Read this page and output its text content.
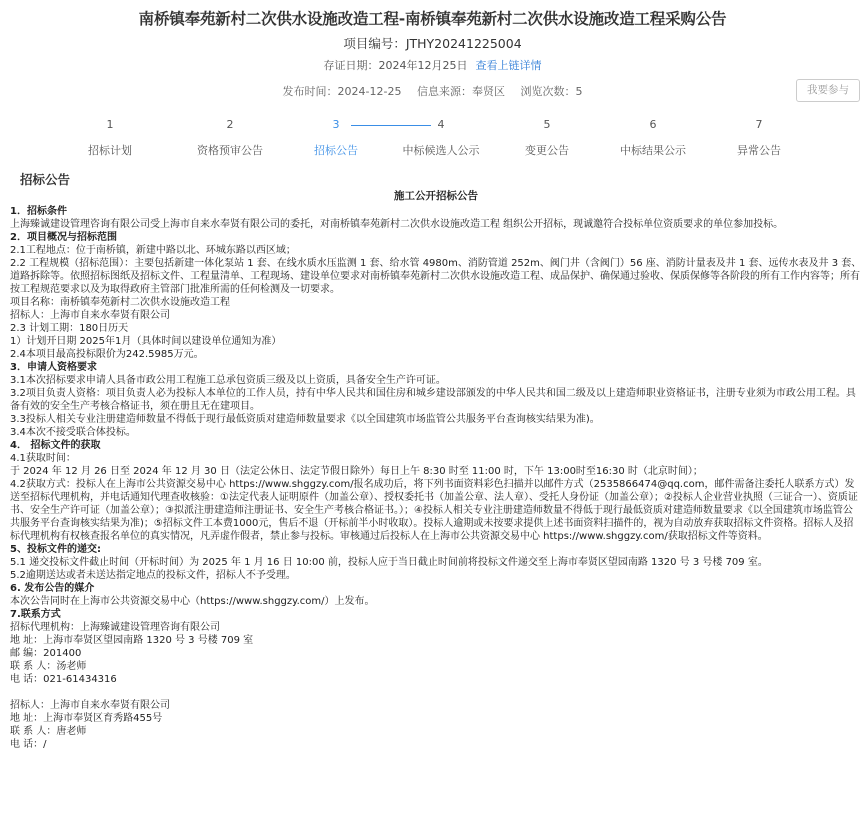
南桥镇奉苑新村二次供水设施改造工程-南桥镇奉苑新村二次供水设施改造工程采购公告
项目编号：JTHY20241225004
存证日期：2024年12月25日 查看上链详情
发布时间：2024-12-25 信息来源：奉贤区 浏览次数：5	我要参与
1
招标计划
2
资格预审公告
3
招标公告
4
中标候选人公示
5
变更公告
6
中标结果公示
7
异常公告
招标公告
施工公开招标公告

1．招标条件

上海臻诚建设管理咨询有限公司受上海市自来水奉贤有限公司的委托，对南桥镇奉苑新村二次供水设施改造工程 组织公开招标，现诚邀符合投标单位资质要求的单位参加投标。

2．项目概况与招标范围

2.1工程地点：位于南桥镇，新建中路以北、环城东路以西区域；

2.2 工程规模（招标范围）：主要包括新建一体化泵站 1 套、在线水质水压监测 1 套、给水管 4980m、消防管道 252m、阀门井（含阀门）56 座、消防计量表及井 1 套、远传水表及井 3 套、道路拆除等。依照招标图纸及招标文件、工程量清单、工程现场、建设单位要求对南桥镇奉苑新村二次供水设施改造工程、成品保护、确保通过验收、保质保修等各阶段的所有工作内容等；所有按工程规范要求以及为取得政府主管部门批准所需的任何检测及一切要求。

项目名称：南桥镇奉苑新村二次供水设施改造工程

招标人：上海市自来水奉贤有限公司

2.3 计划工期：180日历天

1）计划开日期 2025年1月（具体时间以建设单位通知为准）

2.4本项目最高投标限价为242.5985万元。

3．申请人资格要求

3.1本次招标要求申请人具备市政公用工程施工总承包资质三级及以上资质，具备安全生产许可证。

3.2项目负责人资格：项目负责人必为投标人本单位的工作人员，持有中华人民共和国住房和城乡建设部颁发的中华人民共和国二级及以上建造师职业资格证书，注册专业须为市政公用工程。具备有效的安全生产考核合格证书，须在册且无在建项目。

3.3投标人相关专业注册建造师数量不得低于现行最低资质对建造师数量要求《以全国建筑市场监管公共服务平台查询核实结果为准)。

3.4本次不接受联合体投标。

4． 招标文件的获取

4.1获取时间：

于 2024 年 12 月 26 日至 2024 年 12 月 30 日（法定公休日、法定节假日除外）每日上午 8:30 时至 11:00 时，下午 13:00时至16:30 时（北京时间）；

4.2获取方式：投标人在上海市公共资源交易中心 https://www.shggzy.com/报名成功后，将下列书面资料彩色扫描并以邮件方式（2535866474@qq.com，邮件需备注委托人联系方式）发送至招标代理机构，并电话通知代理查收核验：①法定代表人证明原件（加盖公章）、授权委托书（加盖公章、法人章）、受托人身份证（加盖公章）；②投标人企业营业执照（三证合一）、资质证书、安全生产许可证（加盖公章）；③拟派注册建造师注册证书、安全生产考核合格证书。）；④投标人相关专业注册建造师数量不得低于现行最低资质对建造师数量要求《以全国建筑市场监管公共服务平台查询核实结果为准)；⑤招标文件工本费1000元，售后不退（开标前半小时收取）。投标人逾期或未按要求提供上述书面资料扫描件的，视为自动放弃获取招标文件资格。招标人及招标代理机构有权核查报名单位的真实情况，凡弄虚作假者，禁止参与投标。审核通过后投标人在上海市公共资源交易中心 https://www.shggzy.com/获取招标文件等资料。

5、投标文件的递交:

5.1 递交投标文件截止时间（开标时间）为 2025 年 1 月 16 日 10:00 前，投标人应于当日截止时间前将投标文件递交至上海市奉贤区望园南路 1320 号 3 号楼 709 室。

5.2逾期送达或者未送达指定地点的投标文件，招标人不予受理。

6. 发布公告的媒介

本次公告同时在上海市公共资源交易中心（https://www.shggzy.com/）上发布。

7.联系方式

招标代理机构：上海臻诚建设管理咨询有限公司

地 址：上海市奉贤区望园南路 1320 号 3 号楼 709 室

邮 编：201400

联 系 人：汤老师

电 话：021-61434316

招标人：上海市自来水奉贤有限公司

地 址：上海市奉贤区育秀路455号

联 系 人：唐老师

电 话：/
